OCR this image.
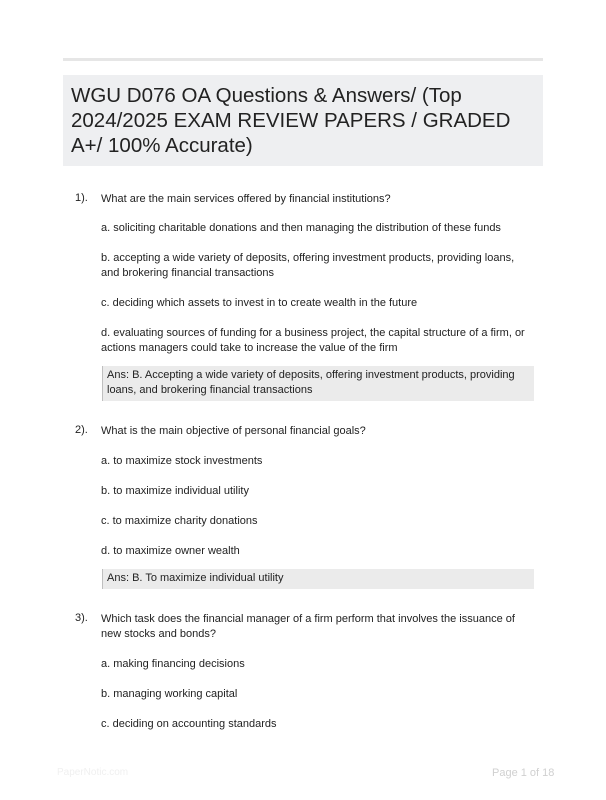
WGU D076 OA Questions & Answers/ (Top 2024/2025 EXAM REVIEW PAPERS / GRADED A+/ 100% Accurate)
1). What are the main services offered by financial institutions?
a. soliciting charitable donations and then managing the distribution of these funds
b. accepting a wide variety of deposits, offering investment products, providing loans, and brokering financial transactions
c. deciding which assets to invest in to create wealth in the future
d. evaluating sources of funding for a business project, the capital structure of a firm, or actions managers could take to increase the value of the firm
Ans: B. Accepting a wide variety of deposits, offering investment products, providing loans, and brokering financial transactions
2). What is the main objective of personal financial goals?
a. to maximize stock investments
b. to maximize individual utility
c. to maximize charity donations
d. to maximize owner wealth
Ans: B. To maximize individual utility
3). Which task does the financial manager of a firm perform that involves the issuance of new stocks and bonds?
a. making financing decisions
b. managing working capital
c. deciding on accounting standards
PaperNotic.com	Page 1 of 18
